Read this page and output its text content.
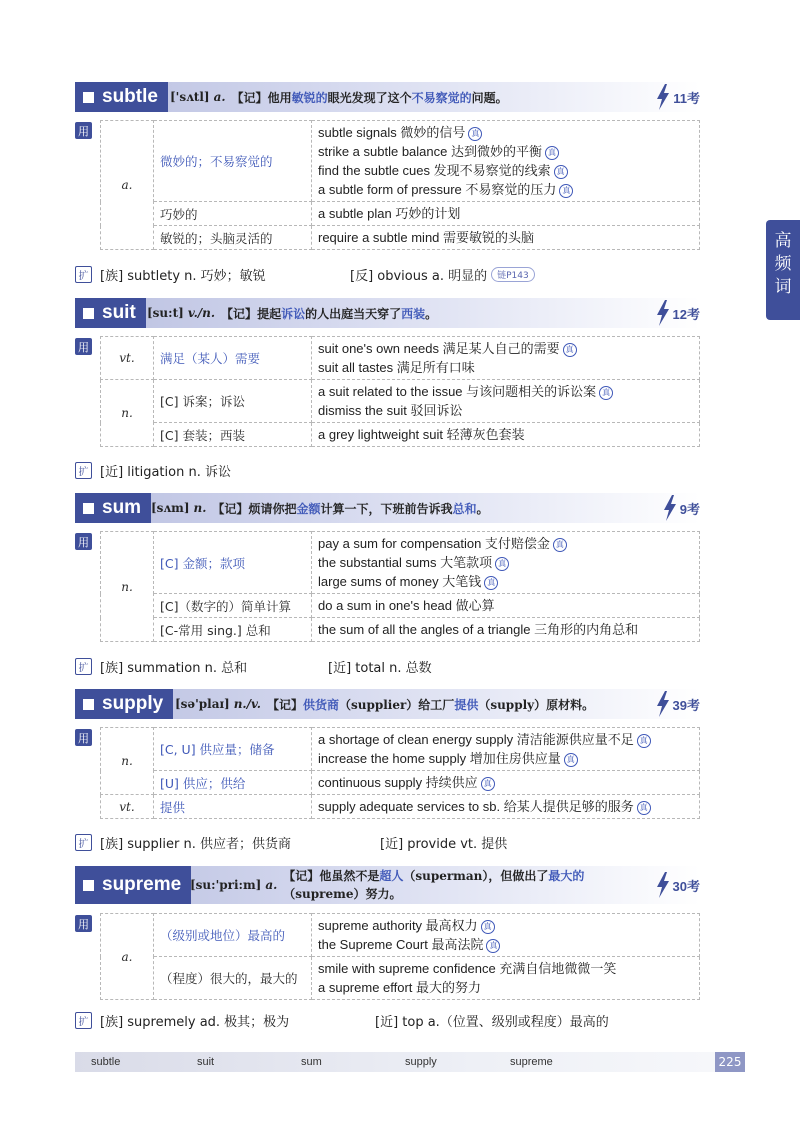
高
频
词
subtle ['sʌtl] a. 【记】 他用 敏锐的 眼光发现了这个 不易察觉的 问题。	11考
用
a.	微妙的；不易察觉的	subtle signals 微妙的信号 真
strike a subtle balance 达到微妙的平衡 真
find the subtle cues 发现不易察觉的线索 真
a subtle form of pressure 不易察觉的压力 真

	巧妙的	a subtle plan 巧妙的计划

	敏锐的；头脑灵活的	require a subtle mind 需要敏锐的头脑
扩 [族] subtlety n. 巧妙；敏锐	[反] obvious a. 明显的	链P143
suit [su:t] v./n. 【记】 提起 诉讼 的人出庭当天穿了 西装 。	12考
用
vt.	满足（某人）需要	suit one's own needs 满足某人自己的需要 真
suit all tastes 满足所有口味

n.	[C] 诉案；诉讼	a suit related to the issue 与该问题相关的诉讼案 真
dismiss the suit 驳回诉讼

	[C] 套装；西装	a grey lightweight suit 轻薄灰色套装
扩 [近] litigation n. 诉讼
sum [sʌm] n. 【记】 烦请你把 金额 计算一下，下班前告诉我 总和 。	9考
用
n.	[C] 金额；款项	pay a sum for compensation 支付赔偿金 真
the substantial sums 大笔款项 真
large sums of money 大笔钱 真

	[C]（数字的）简单计算	do a sum in one's head 做心算

	[C-常用 sing.] 总和	the sum of all the angles of a triangle 三角形的内角总和
扩 [族] summation n. 总和	[近] total n. 总数
supply [sə'plaɪ] n./v. 【记】 供货商 （supplier）给工厂 提供 （supply）原材料。	39考
用
n.	[C, U] 供应量；储备	a shortage of clean energy supply 清洁能源供应量不足 真
increase the home supply 增加住房供应量 真

	[U] 供应；供给	continuous supply 持续供应 真

vt.	提供	supply adequate services to sb. 给某人提供足够的服务 真
扩 [族] supplier n. 供应者；供货商	[近] provide vt. 提供
supreme [su:'pri:m] a.
【记】他虽然不是超人（superman），但做出了最大的（supreme）努力。
30考
用
a.	（级别或地位）最高的	supreme authority 最高权力 真
the Supreme Court 最高法院 真

	（程度）很大的，最大的	smile with supreme confidence 充满自信地微微一笑
a supreme effort 最大的努力
扩 [族] supremely ad. 极其；极为	[近] top a.（位置、级别或程度）最高的
subtle	suit	sum	supply	supreme	225
